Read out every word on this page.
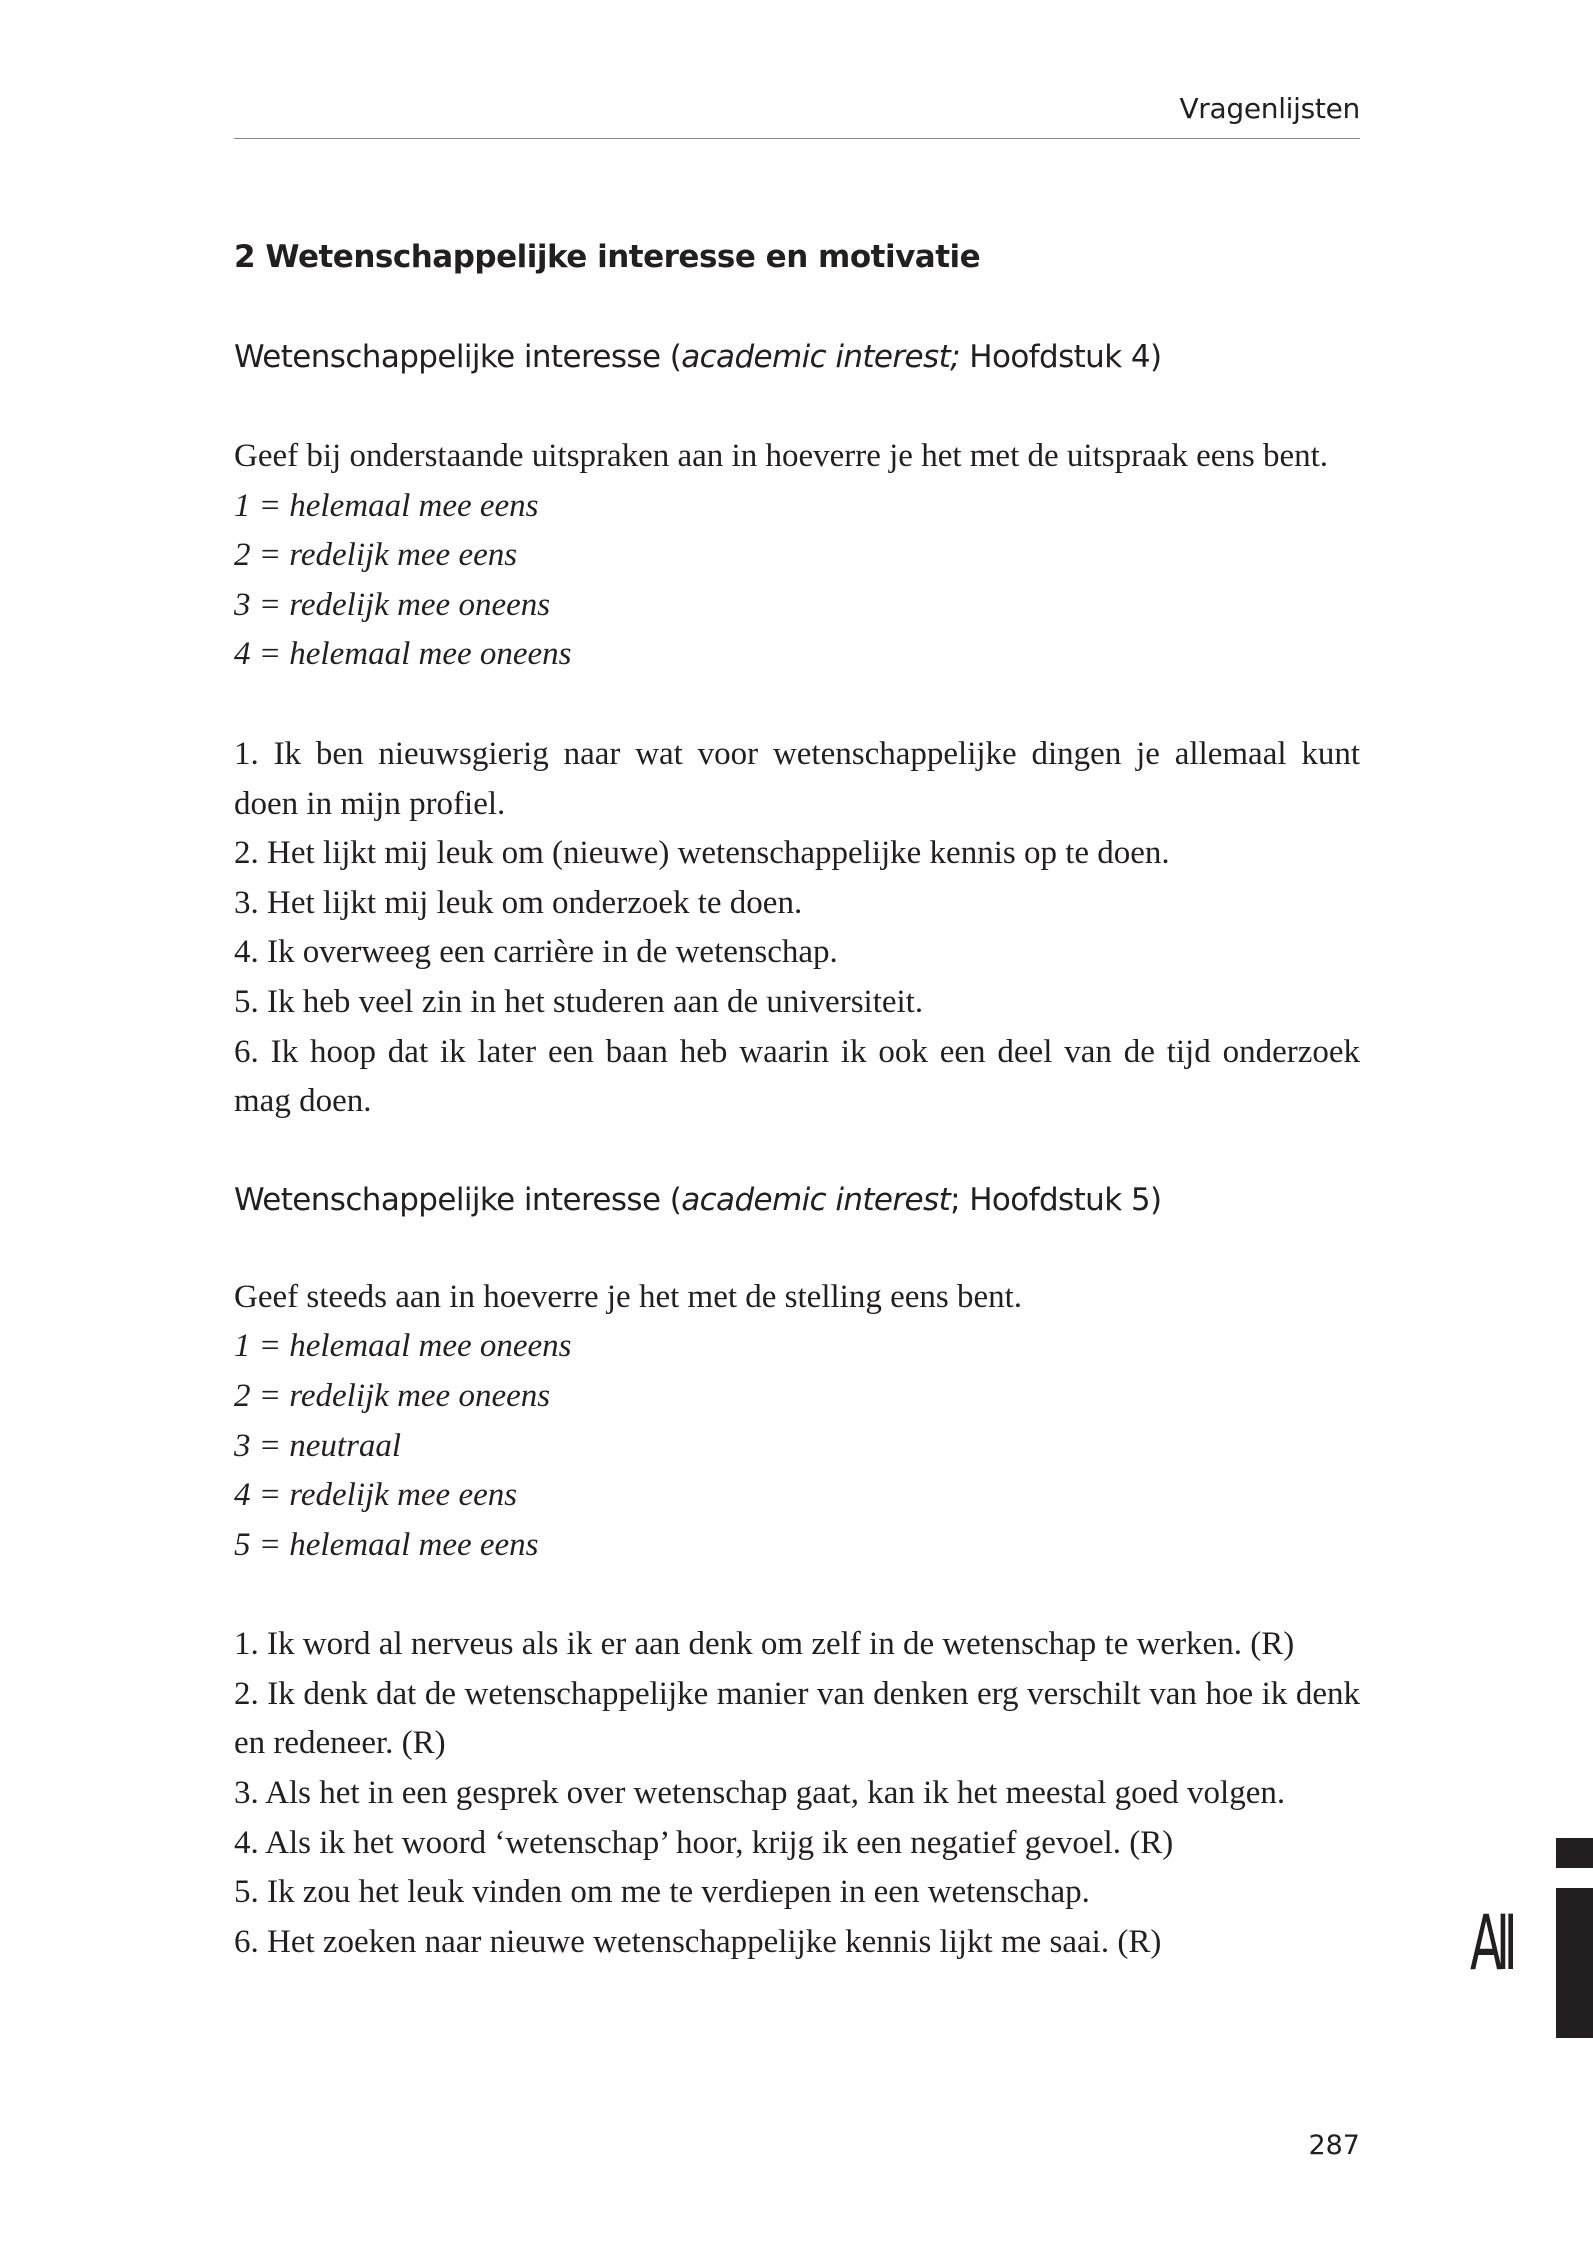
Vragenlijsten
2 Wetenschappelijke interesse en motivatie
Wetenschappelijke interesse (academic interest; Hoofdstuk 4)

Geef bij onderstaande uitspraken aan in hoeverre je het met de uitspraak eens bent.

1 = helemaal mee eens

2 = redelijk mee eens

3 = redelijk mee oneens

4 = helemaal mee oneens

1. Ik ben nieuwsgierig naar wat voor wetenschappelijke dingen je allemaal kunt doen in mijn profiel.

2. Het lijkt mij leuk om (nieuwe) wetenschappelijke kennis op te doen.

3. Het lijkt mij leuk om onderzoek te doen.

4. Ik overweeg een carrière in de wetenschap.

5. Ik heb veel zin in het studeren aan de universiteit.

6. Ik hoop dat ik later een baan heb waarin ik ook een deel van de tijd onderzoek mag doen.

Wetenschappelijke interesse (academic interest; Hoofdstuk 5)

Geef steeds aan in hoeverre je het met de stelling eens bent.

1 = helemaal mee oneens

2 = redelijk mee oneens

3 = neutraal

4 = redelijk mee eens

5 = helemaal mee eens

1. Ik word al nerveus als ik er aan denk om zelf in de wetenschap te werken. (R)

2. Ik denk dat de wetenschappelijke manier van denken erg verschilt van hoe ik denk en redeneer. (R)

3. Als het in een gesprek over wetenschap gaat, kan ik het meestal goed volgen.

4. Als ik het woord ‘wetenschap’ hoor, krijg ik een negatief gevoel. (R)

5. Ik zou het leuk vinden om me te verdiepen in een wetenschap.

6. Het zoeken naar nieuwe wetenschappelijke kennis lijkt me saai. (R)	AII
287
